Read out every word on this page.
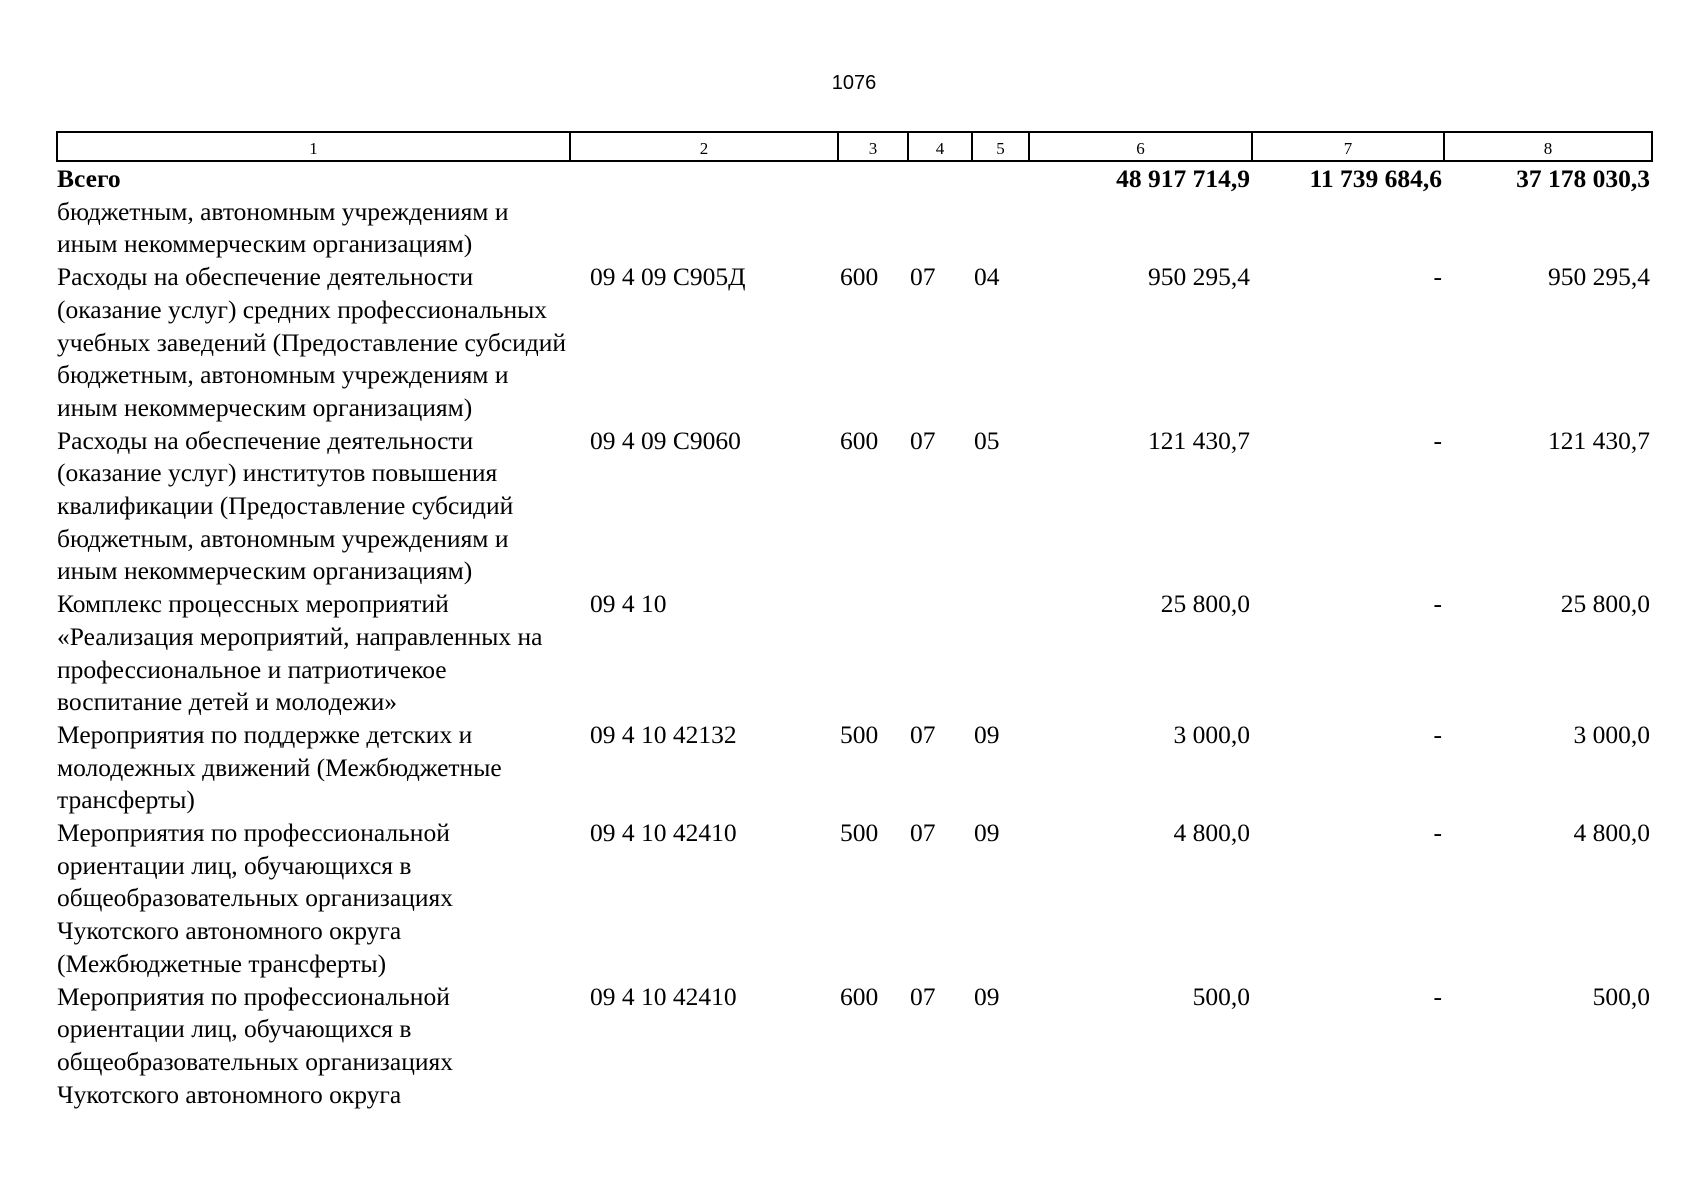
1076
1	2	3	4	5	6	7	8
Всего					48 917 714,9	11 739 684,6	37 178 030,3
бюджетным, автономным учреждениям и иным некоммерческим организациям)							
Расходы на обеспечение деятельности (оказание услуг) средних профессиональных учебных заведений (Предоставление субсидий бюджетным, автономным учреждениям и иным некоммерческим организациям)	09 4 09 С905Д	600	07	04	950 295,4	-	950 295,4
Расходы на обеспечение деятельности (оказание услуг) институтов повышения квалификации (Предоставление субсидий бюджетным, автономным учреждениям и иным некоммерческим организациям)	09 4 09 С9060	600	07	05	121 430,7	-	121 430,7
Комплекс процессных мероприятий «Реализация мероприятий, направленных на профессиональное и патриотичекое воспитание детей и молодежи»	09 4 10				25 800,0	-	25 800,0
Мероприятия по поддержке детских и молодежных движений (Межбюджетные трансферты)	09 4 10 42132	500	07	09	3 000,0	-	3 000,0
Мероприятия по профессиональной ориентации лиц, обучающихся в общеобразовательных организациях Чукотского автономного округа (Межбюджетные трансферты)	09 4 10 42410	500	07	09	4 800,0	-	4 800,0
Мероприятия по профессиональной ориентации лиц, обучающихся в общеобразовательных организациях Чукотского автономного округа	09 4 10 42410	600	07	09	500,0	-	500,0
